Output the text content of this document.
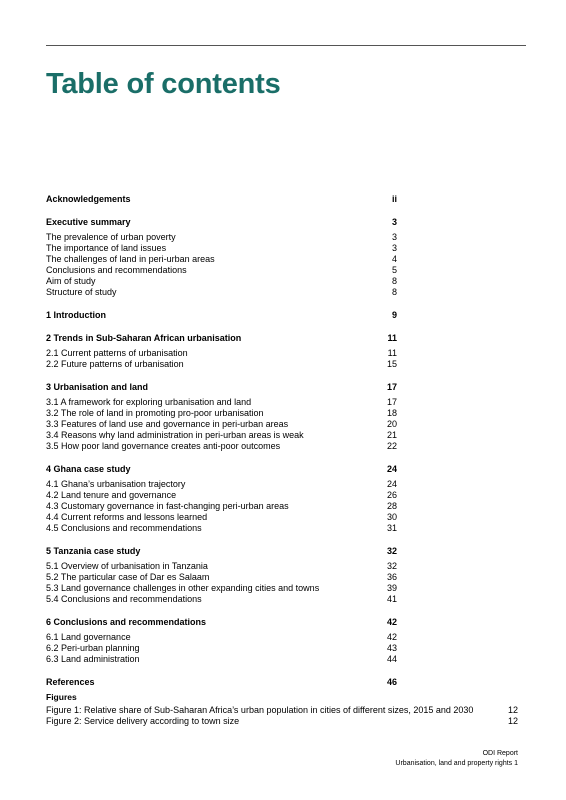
Table of contents
Acknowledgements	ii
Executive summary	3
The prevalence of urban poverty	3
The importance of land issues	3
The challenges of land in peri-urban areas	4
Conclusions and recommendations	5
Aim of study	8
Structure of study	8
1 Introduction	9
2 Trends in Sub-Saharan African urbanisation	11
2.1 Current patterns of urbanisation	11
2.2 Future patterns of urbanisation	15
3 Urbanisation and land	17
3.1 A framework for exploring urbanisation and land	17
3.2 The role of land in promoting pro-poor urbanisation	18
3.3 Features of land use and governance in peri-urban areas	20
3.4 Reasons why land administration in peri-urban areas is weak	21
3.5 How poor land governance creates anti-poor outcomes	22
4 Ghana case study	24
4.1 Ghana’s urbanisation trajectory	24
4.2 Land tenure and governance	26
4.3 Customary governance in fast-changing peri-urban areas	28
4.4 Current reforms and lessons learned	30
4.5 Conclusions and recommendations	31
5 Tanzania case study	32
5.1 Overview of urbanisation in Tanzania	32
5.2 The particular case of Dar es Salaam	36
5.3 Land governance challenges in other expanding cities and towns	39
5.4 Conclusions and recommendations	41
6 Conclusions and recommendations	42
6.1 Land governance	42
6.2 Peri-urban planning	43
6.3 Land administration	44
References	46
Figures
Figure 1: Relative share of Sub-Saharan Africa’s urban population in cities of different sizes, 2015 and 2030	12
Figure 2: Service delivery according to town size	12
ODI Report
Urbanisation, land and property rights 1
